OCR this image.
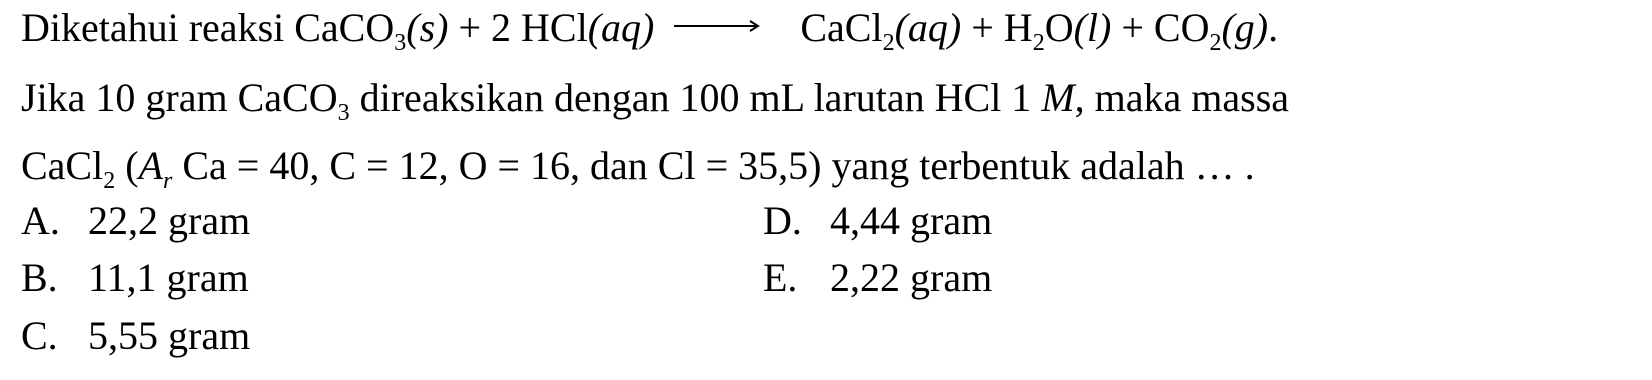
Diketahui reaksi CaCO$_3$(s) + 2 HCl(aq) → CaCl$_2$(aq) + $H_2O(l) + CO_2(g)$.
Jika 10 gram CaCO$_3$ direaksikan dengan 100 mL larutan HCl 1 M, maka massa
CaCl$_2$ ($A_r$ Ca = 40, C = 12, O = 16, dan Cl = 35,5) yang terbentuk adalah … .
A. 22,2 gram
B. 11,1 gram
C. 5,55 gram
D. 4,44 gram
E. 2,22 gram
